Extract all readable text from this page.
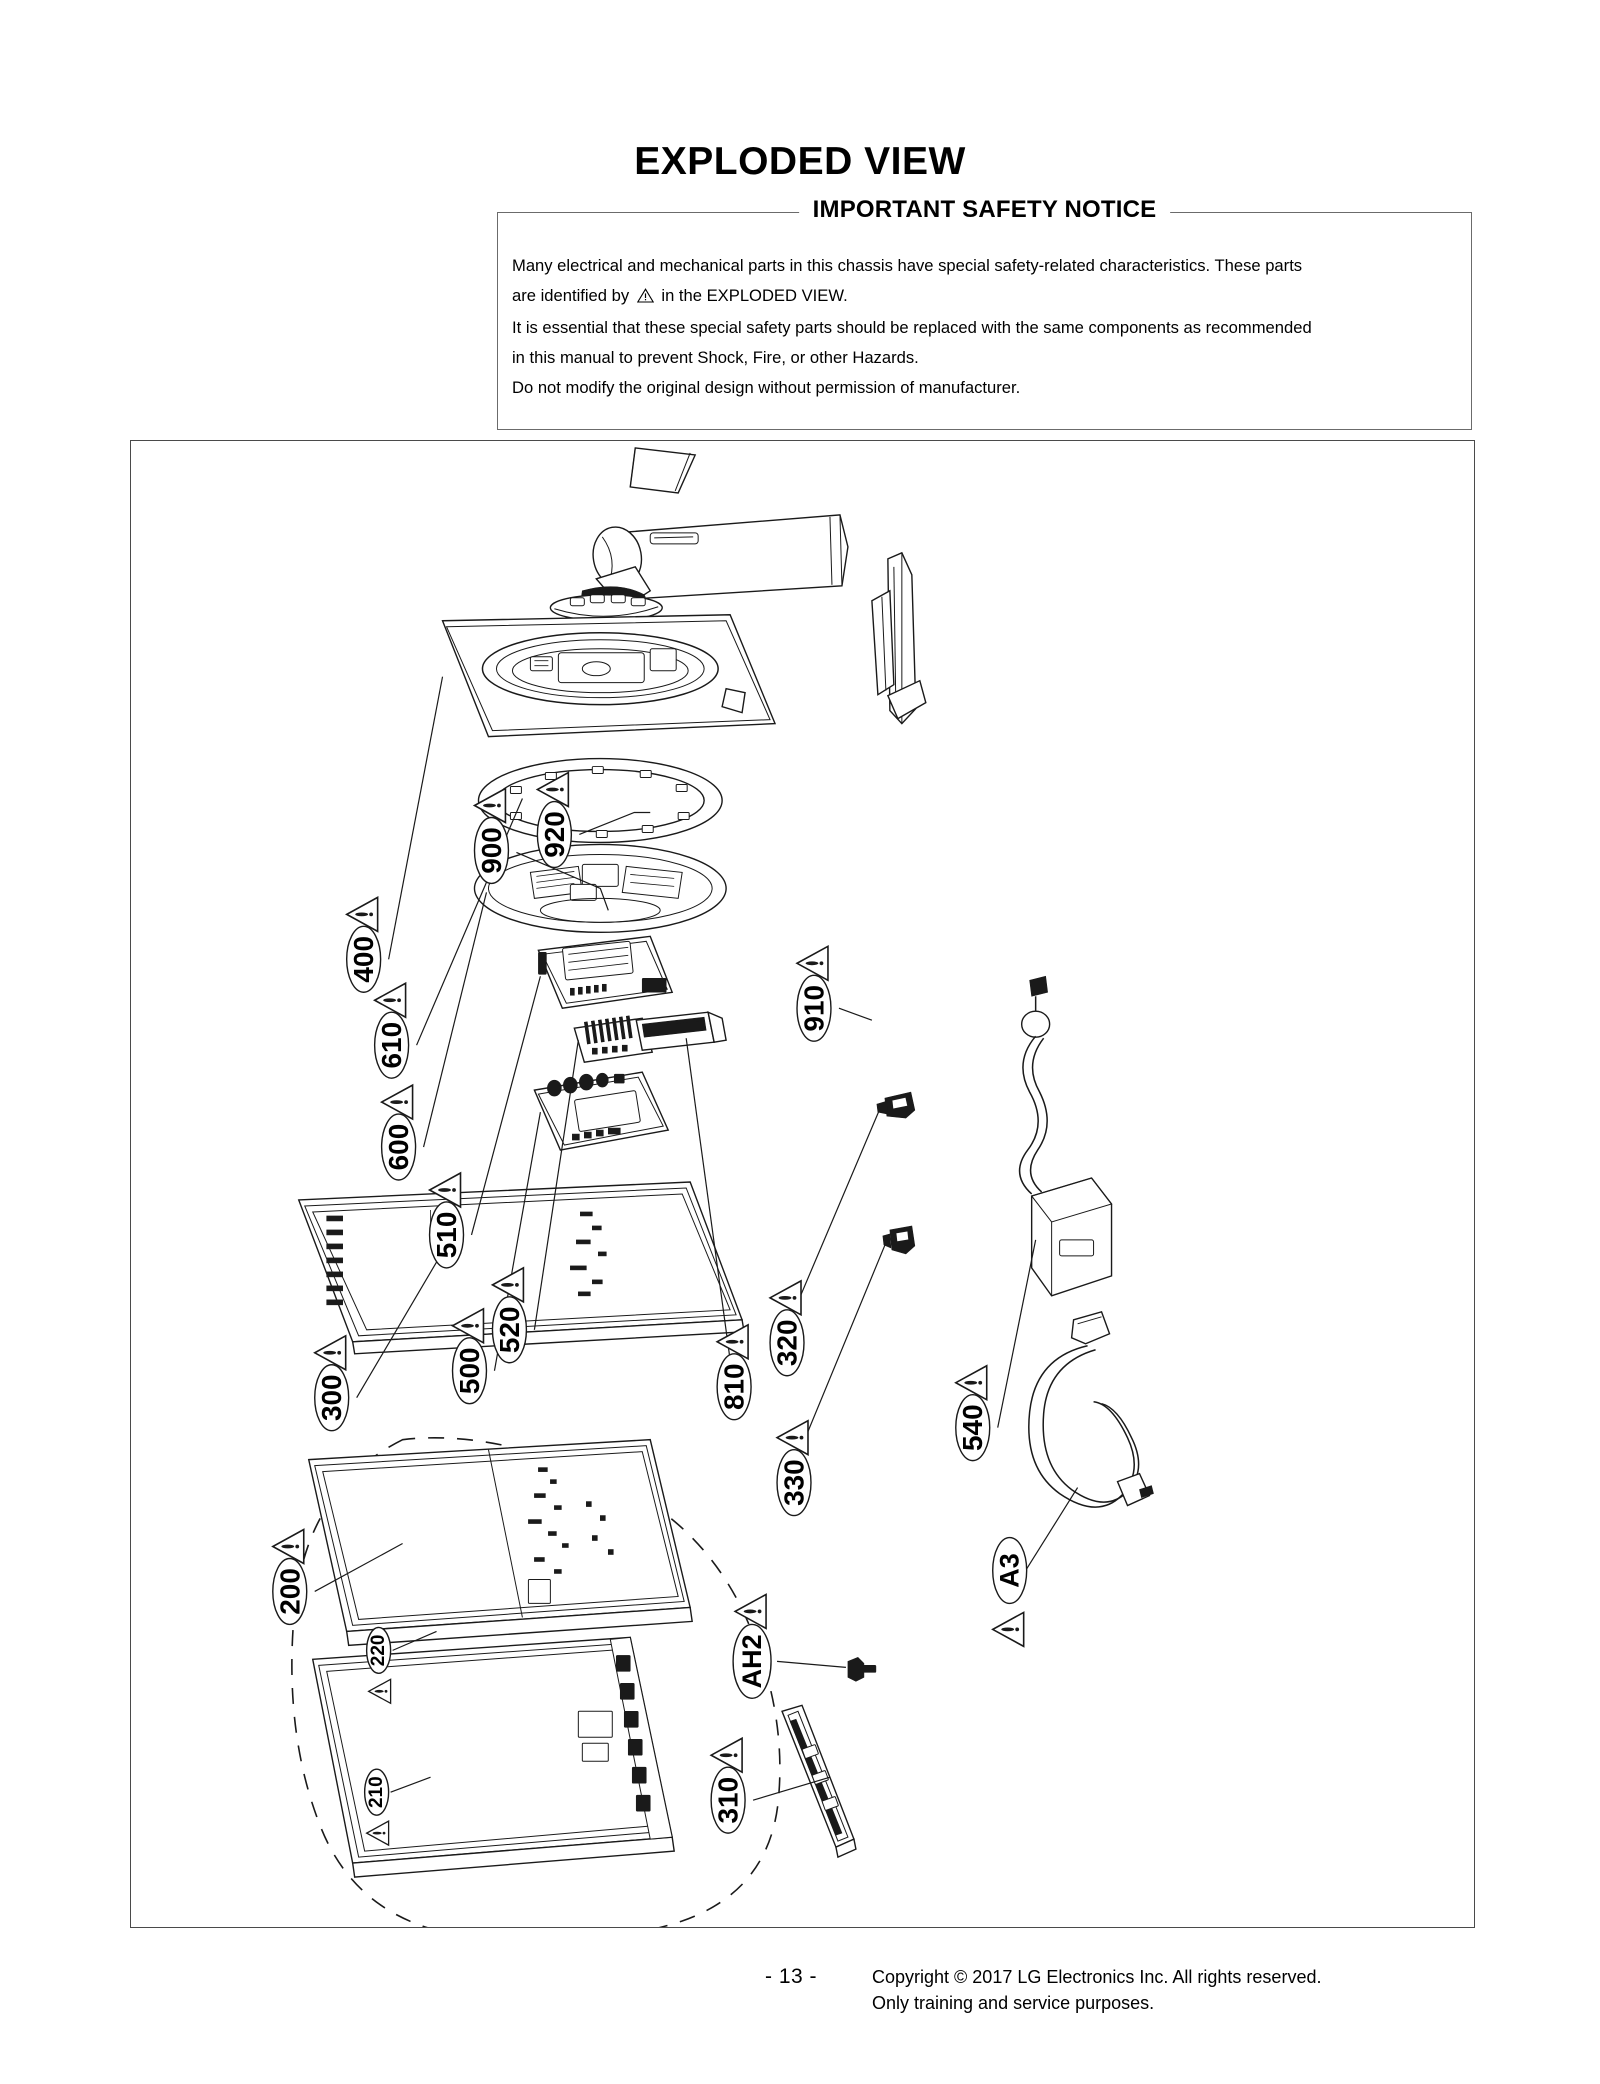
EXPLODED VIEW
IMPORTANT SAFETY NOTICE
Many electrical and mechanical parts in this chassis have special safety-related characteristics. These parts
are identified by in the EXPLODED VIEW.
It is essential that these special safety parts should be replaced with the same components as recommended
in this manual to prevent Shock, Fire, or other Hazards.
Do not modify the original design without permission of manufacturer.
900 920
400
910
610
600
510
520
500	810
320
300
540
330
A3
200
AH2
220
210	310
- 13 -	Copyright © 2017 LG Electronics Inc. All rights reserved.
Only training and service purposes.
